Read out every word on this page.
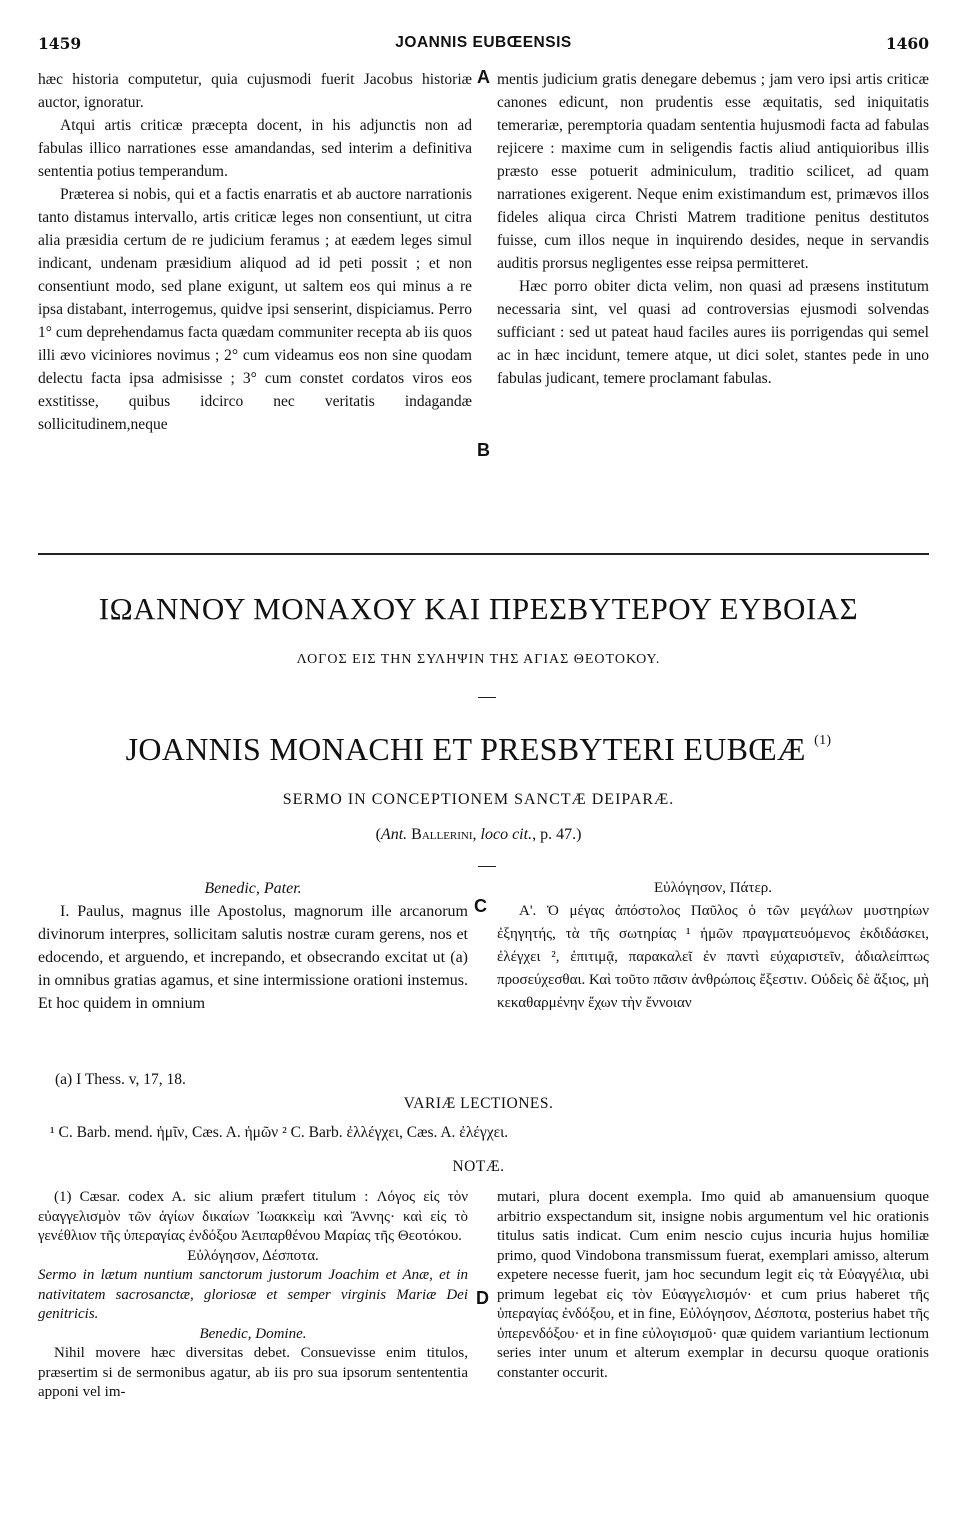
1459	JOANNIS EUBŒENSIS	1460

hæc historia computetur, quia cujusmodi fuerit Jacobus historiæ auctor, ignoratur.

Atqui artis criticæ præcepta docent, in his adjunctis non ad fabulas illico narrationes esse amandandas, sed interim a definitiva sententia potius temperandum.

Præterea si nobis, qui et a factis enarratis et ab auctore narrationis tanto distamus intervallo, artis criticæ leges non consentiunt, ut citra alia præsidia certum de re judicium feramus ; at eædem leges simul indicant, undenam præsidium aliquod ad id peti possit ; et non consentiunt modo, sed plane exigunt, ut saltem eos qui minus a re ipsa distabant, interrogemus, quidve ipsi senserint, dispiciamus. Perro 1° cum deprehendamus facta quædam communiter recepta ab iis quos illi ævo viciniores novimus ; 2° cum videamus eos non sine quodam delectu facta ipsa admisisse ; 3° cum constet cordatos viros eos exstitisse, quibus idcirco nec veritatis indagandæ sollicitudinem,neque

A
B

mentis judicium gratis denegare debemus ; jam vero ipsi artis criticæ canones edicunt, non prudentis esse æquitatis, sed iniquitatis temerariæ, peremptoria quadam sententia hujusmodi facta ad fabulas rejicere : maxime cum in seligendis factis aliud antiquioribus illis præsto esse potuerit adminiculum, traditio scilicet, ad quam narrationes exigerent. Neque enim existimandum est, primævos illos fideles aliqua circa Christi Matrem traditione penitus destitutos fuisse, cum illos neque in inquirendo desides, neque in servandis auditis prorsus negligentes esse reipsa permitteret.

Hæc porro obiter dicta velim, non quasi ad præsens institutum necessaria sint, vel quasi ad controversias ejusmodi solvendas sufficiant : sed ut pateat haud faciles aures iis porrigendas qui semel ac in hæc incidunt, temere atque, ut dici solet, stantes pede in uno fabulas judicant, temere proclamant fabulas.

ΙΩΑΝΝΟΥ ΜΟΝΑΧΟΥ ΚΑΙ ΠΡΕΣΒΥΤΕΡΟΥ ΕΥΒΟΙΑΣ
ΛΟΓΟΣ ΕΙΣ ΤΗΝ ΣΥΛΗΨΙΝ ΤΗΣ ΑΓΙΑΣ ΘΕΟΤΟΚΟΥ.
JOANNIS MONACHI ET PRESBYTERI EUBŒÆ $^{(1)}$
SERMO IN CONCEPTIONEM SANCTÆ DEIPARÆ.
(Ant. Ballerini, loco cit., p. 47.)
Benedic, Pater.

I. Paulus, magnus ille Apostolus, magnorum ille arcanorum divinorum interpres, sollicitam salutis nostræ curam gerens, nos et edocendo, et arguendo, et increpando, et obsecrando excitat ut (a) in omnibus gratias agamus, et sine intermissione orationi instemus. Et hoc quidem in omnium

C
Εὐλόγησον, Πάτερ.

Α'. Ὁ μέγας ἀπόστολος Παῦλος ὁ τῶν μεγάλων μυστηρίων ἐξηγητής, τὰ τῆς σωτηρίας ¹ ἡμῶν πραγματευόμενος ἐκδιδάσκει, ἐλέγχει ², ἐπιτιμᾷ, παρακαλεῖ ἐν παντὶ εὐχαριστεῖν, ἀδιαλείπτως προσεύχεσθαι. Καὶ τοῦτο πᾶσιν ἀνθρώποις ἔξεστιν. Οὐδεὶς δὲ ἄξιος, μὴ κεκαθαρμένην ἔχων τὴν ἔννοιαν

(a) I Thess. v, 17, 18.
VARIÆ LECTIONES.
¹ C. Barb. mend. ἡμῖν, Cæs. A. ἡμῶν ² C. Barb. ἐλλέγχει, Cæs. A. ἐλέγχει.
NOTÆ.

(1) Cæsar. codex A. sic alium præfert titulum : Λόγος εἰς τὸν εὐαγγελισμὸν τῶν ἁγίων δικαίων Ἰωακκεὶμ καὶ Ἄννης· καὶ εἰς τὸ γενέθλιον τῆς ὑπεραγίας ἐνδόξου Ἀειπαρθένου Μαρίας τῆς Θεοτόκου.

Εὐλόγησον, Δέσποτα.

Sermo in lætum nuntium sanctorum justorum Joachim et Anæ, et in nativitatem sacrosanctæ, gloriosæ et semper virginis Mariæ Dei genitricis.

Benedic, Domine.

Nihil movere hæc diversitas debet. Consuevisse enim titulos, præsertim si de sermonibus agatur, ab iis pro sua ipsorum sentententia apponi vel im-

D

mutari, plura docent exempla. Imo quid ab amanuensium quoque arbitrio exspectandum sit, insigne nobis argumentum vel hic orationis titulus satis indicat. Cum enim nescio cujus incuria hujus homiliæ primo, quod Vindobona transmissum fuerat, exemplari amisso, alterum expetere necesse fuerit, jam hoc secundum legit εἰς τὰ Εὐαγγέλια, ubi primum legebat εἰς τὸν Εὐαγγελισμόν· et cum prius haberet τῆς ὑπεραγίας ἐνδόξου, et in fine, Εὐλόγησον, Δέσποτα, posterius habet τῆς ὑπερενδόξου· et in fine εὐλογισμοῦ· quæ quidem variantium lectionum series inter unum et alterum exemplar in decursu quoque orationis constanter occurit.
